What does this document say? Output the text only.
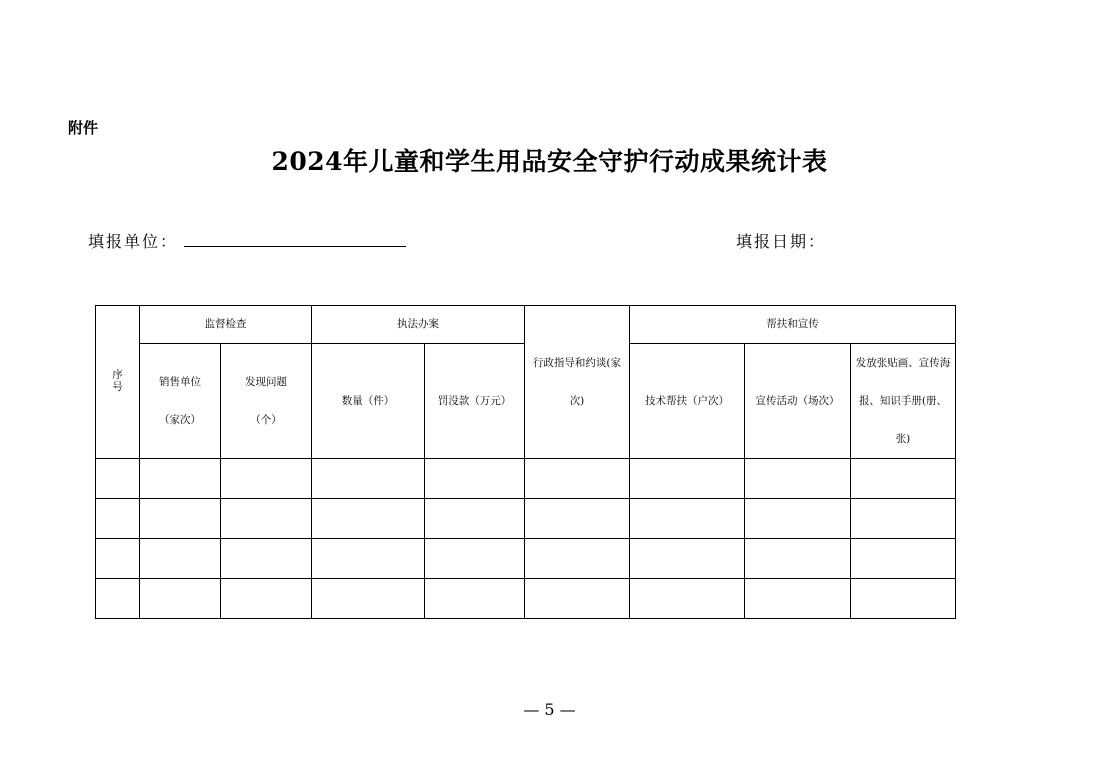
附件
2024年儿童和学生用品安全守护行动成果统计表
填报单位：	填报日期：
序号	监督检查		执法办案		行政指导和约谈(家次)	帮扶和宣传		
	销售单位（家次）	发现问题（个）	数量（件）	罚没款（万元）		技术帮扶（户次）	宣传活动（场次）	发放张贴画、宣传海报、知识手册(册、张)

— 5 —
